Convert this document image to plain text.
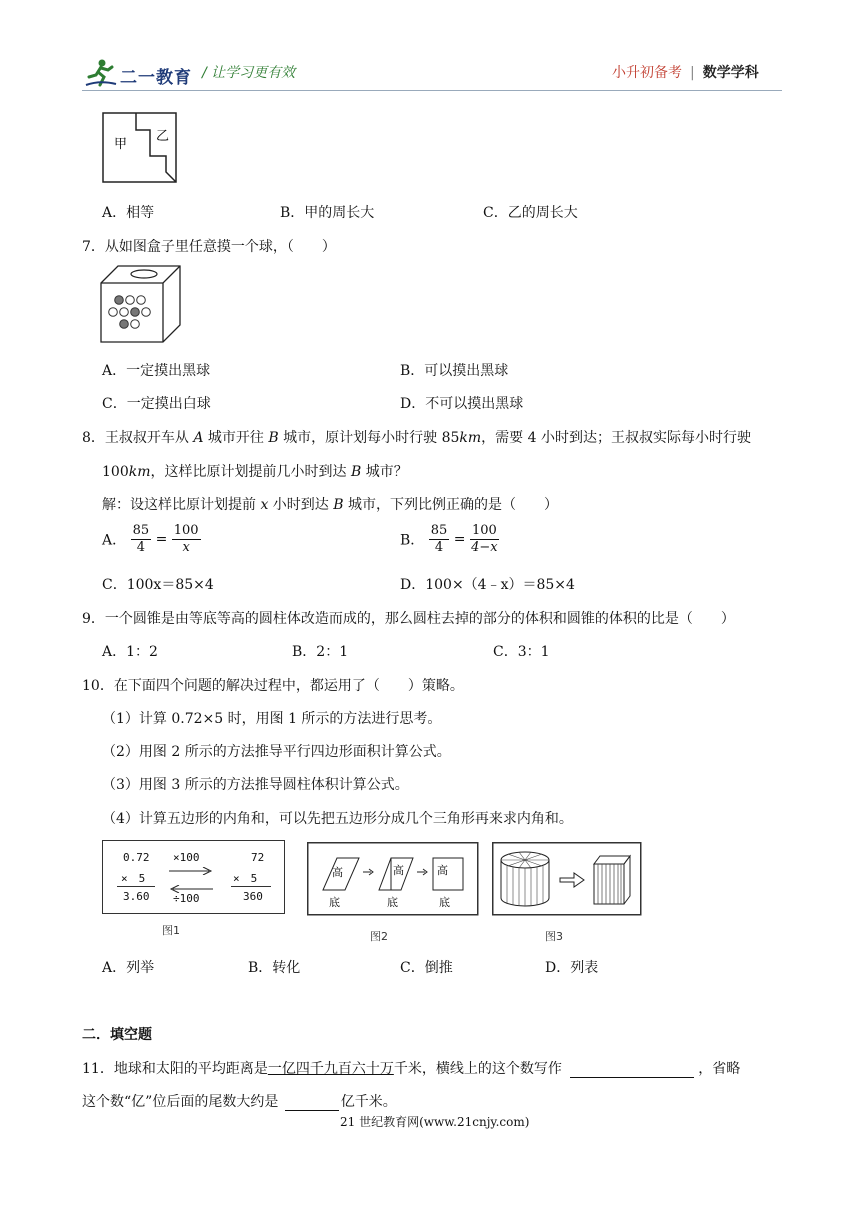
二一教育 / 让学习更有效	小升初备考 | 数学学科
甲
乙
A．相等	B．甲的周长大	C．乙的周长大
7．从如图盒子里任意摸一个球，（　　）
A．一定摸出黑球	B．可以摸出黑球
C．一定摸出白球	D．不可以摸出黑球
8．王叔叔开车从 A 城市开往 B 城市，原计划每小时行驶 85km，需要 4 小时到达；王叔叔实际每小时行驶
100km，这样比原计划提前几小时到达 B 城市？
解：设这样比原计划提前 x 小时到达 B 城市，下列比例正确的是（　　）
A． $\frac{85}{4} = \frac{100}{x}$	B． $\frac{85}{4} = \frac{100}{4-x}$
C．100x＝85×4	D．100×（4﹣x）＝85×4
9．一个圆锥是由等底等高的圆柱体改造而成的，那么圆柱去掉的部分的体积和圆锥的体积的比是（　　）
A．1：2	B．2：1	C．3：1
10．在下面四个问题的解决过程中，都运用了（　　）策略。
（1）计算 0.72×5 时，用图 1 所示的方法进行思考。
（2）用图 2 所示的方法推导平行四边形面积计算公式。
（3）用图 3 所示的方法推导圆柱体积计算公式。
（4）计算五边形的内角和，可以先把五边形分成几个三角形再来求内角和。
0.72
×　5
3.60
×100
÷100
72
×　5
360
图1
高	高	高
底	底	底
图2	图3
A．列举	B．转化	C．倒推	D．列表
二．填空题
11．地球和太阳的平均距离是一亿四千九百六十万千米，横线上的这个数写作	，省略
这个数“亿”位后面的尾数大约是	亿千米。
21 世纪教育网(www.21cnjy.com)
